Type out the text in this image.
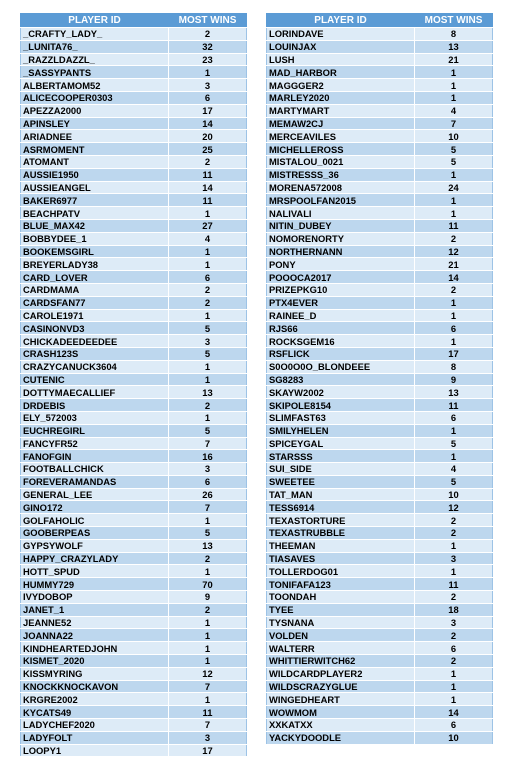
PLAYER ID	MOST WINS
_CRAFTY_LADY_	2
_LUNITA76_	32
_RAZZLDAZZL_	23
_SASSYPANTS	1
ALBERTAMOM52	3
ALICECOOPER0303	6
APEZZA2000	17
APINSLEY	14
ARIADNEE	20
ASRMOMENT	25
ATOMANT	2
AUSSIE1950	11
AUSSIEANGEL	14
BAKER6977	11
BEACHPATV	1
BLUE_MAX42	27
BOBBYDEE_1	4
BOOKEMSGIRL	1
BREYERLADY38	1
CARD_LOVER	6
CARDMAMA	2
CARDSFAN77	2
CAROLE1971	1
CASINONVD3	5
CHICKADEEDEEDEE	3
CRASH123S	5
CRAZYCANUCK3604	1
CUTENIC	1
DOTTYMAECALLIEF	13
DRDEBIS	2
ELY_572003	1
EUCHREGIRL	5
FANCYFR52	7
FANOFGIN	16
FOOTBALLCHICK	3
FOREVERAMANDAS	6
GENERAL_LEE	26
GINO172	7
GOLFAHOLIC	1
GOOBERPEAS	5
GYPSYWOLF	13
HAPPY_CRAZYLADY	2
HOTT_SPUD	1
HUMMY729	70
IVYDOBOP	9
JANET_1	2
JEANNE52	1
JOANNA22	1
KINDHEARTEDJOHN	1
KISMET_2020	1
KISSMYRING	12
KNOCKKNOCKAVON	7
KRGRE2002	1
KYCATS49	11
LADYCHEF2020	7
LADYFOLT	3
LOOPY1	17
PLAYER ID	MOST WINS
LORINDAVE	8
LOUINJAX	13
LUSH	21
MAD_HARBOR	1
MAGGGER2	1
MARLEY2020	1
MARTYMART	4
MEMAW2CJ	7
MERCEAVILES	10
MICHELLEROSS	5
MISTALOU_0021	5
MISTRESSS_36	1
MORENA572008	24
MRSPOOLFAN2015	1
NALIVALI	1
NITIN_DUBEY	11
NOMORENORTY	2
NORTHERNANN	12
PONY	21
POOOCA2017	14
PRIZEPKG10	2
PTX4EVER	1
RAINEE_D	1
RJS66	6
ROCKSGEM16	1
RSFLICK	17
S0O0O0O_BLONDEEE	8
SG8283	9
SKAYW2002	13
SKIPOLE8154	11
SLIMFAST63	6
SMILYHELEN	1
SPICEYGAL	5
STARSSS	1
SUI_SIDE	4
SWEETEE	5
TAT_MAN	10
TESS6914	12
TEXASTORTURE	2
TEXASTRUBBLE	2
THEEMAN	1
TIASAVES	3
TOLLERDOG01	1
TONIFAFA123	11
TOONDAH	2
TYEE	18
TYSNANA	3
VOLDEN	2
WALTERR	6
WHITTIERWITCH62	2
WILDCARDPLAYER2	1
WILDSCRAZYGLUE	1
WINGEDHEART	1
WOWMOM	14
XXKATXX	6
YACKYDOODLE	10
